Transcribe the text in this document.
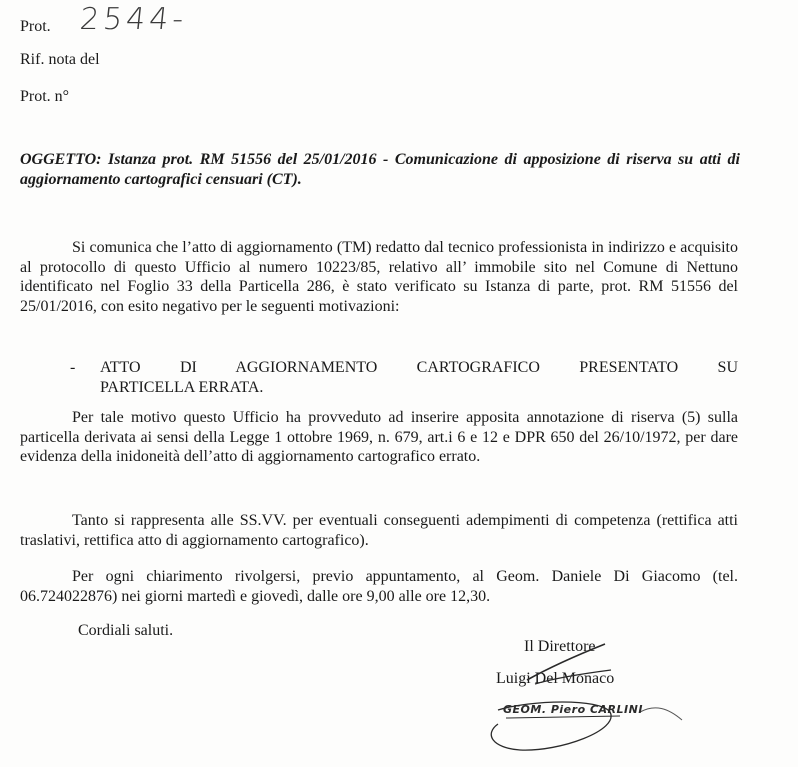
Prot. 2544-
Rif. nota del
Prot. n°
OGGETTO: Istanza prot. RM 51556 del 25/01/2016 - Comunicazione di apposizione di riserva su atti di aggiornamento cartografici censuari (CT).
Si comunica che l’atto di aggiornamento (TM) redatto dal tecnico professionista in indirizzo e acquisito al protocollo di questo Ufficio al numero 10223/85, relativo all’ immobile sito nel Comune di Nettuno identificato nel Foglio 33 della Particella 286, è stato verificato su Istanza di parte, prot. RM 51556 del 25/01/2016, con esito negativo per le seguenti motivazioni:
- ATTO DI AGGIORNAMENTO CARTOGRAFICO PRESENTATO SU
PARTICELLA ERRATA.
Per tale motivo questo Ufficio ha provveduto ad inserire apposita annotazione di riserva (5) sulla particella derivata ai sensi della Legge 1 ottobre 1969, n. 679, art.i 6 e 12 e DPR 650 del 26/10/1972, per dare evidenza della inidoneità dell’atto di aggiornamento cartografico errato.
Tanto si rappresenta alle SS.VV. per eventuali conseguenti adempimenti di competenza (rettifica atti traslativi, rettifica atto di aggiornamento cartografico).
Per ogni chiarimento rivolgersi, previo appuntamento, al Geom. Daniele Di Giacomo (tel. 06.724022876) nei giorni martedì e giovedì, dalle ore 9,00 alle ore 12,30.
Cordiali saluti.
Il Direttore
Luigi Del Monaco
GEOM. Piero CARLINI
